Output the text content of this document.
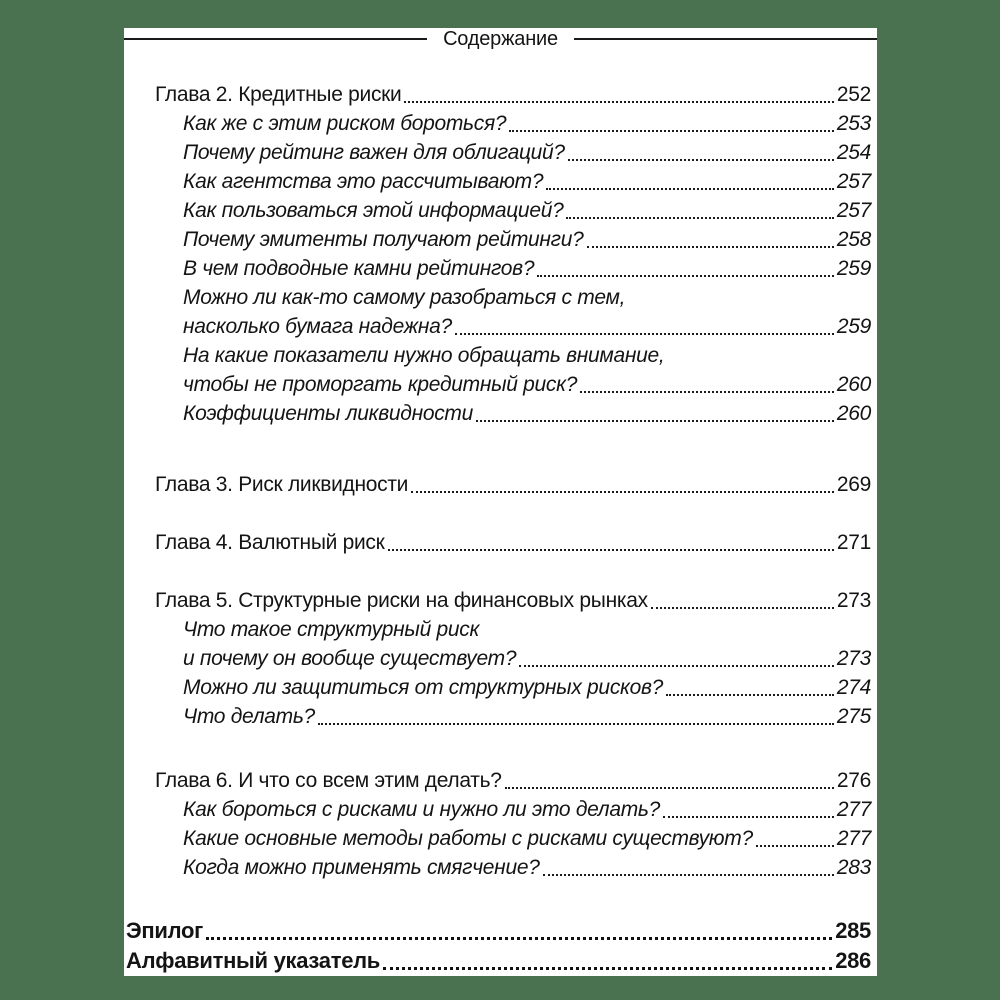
Содержание
Глава 2. Кредитные риски	252
Как же с этим риском бороться?	253
Почему рейтинг важен для облигаций?	254
Как агентства это рассчитывают?	257
Как пользоваться этой информацией?	257
Почему эмитенты получают рейтинги?	258
В чем подводные камни рейтингов?	259
Можно ли как-то самому разобраться с тем,
насколько бумага надежна?	259
На какие показатели нужно обращать внимание,
чтобы не проморгать кредитный риск?	260
Коэффициенты ликвидности	260
Глава 3. Риск ликвидности	269
Глава 4. Валютный риск	271
Глава 5. Структурные риски на финансовых рынках	273
Что такое структурный риск
и почему он вообще существует?	273
Можно ли защититься от структурных рисков?	274
Что делать?	275
Глава 6. И что со всем этим делать?	276
Как бороться с рисками и нужно ли это делать?	277
Какие основные методы работы с рисками существуют?	277
Когда можно применять смягчение?	283
Эпилог	285
Алфавитный указатель	286
